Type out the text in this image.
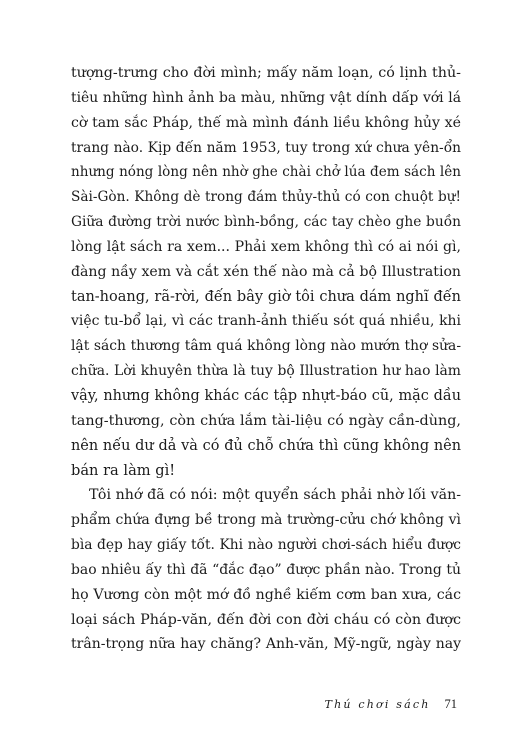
tượng-trưng cho đời mình; mấy năm loạn, có lịnh thủ-
tiêu những hình ảnh ba màu, những vật dính dấp với lá
cờ tam sắc Pháp, thế mà mình đánh liều không hủy xé
trang nào. Kịp đến năm 1953, tuy trong xứ chưa yên-ổn
nhưng nóng lòng nên nhờ ghe chài chở lúa đem sách lên
Sài-Gòn. Không dè trong đám thủy-thủ có con chuột bự!
Giữa đường trời nước bình-bồng, các tay chèo ghe buồn
lòng lật sách ra xem... Phải xem không thì có ai nói gì,
đàng nầy xem và cắt xén thế nào mà cả bộ Illustration
tan-hoang, rã-rời, đến bây giờ tôi chưa dám nghĩ đến
việc tu-bổ lại, vì các tranh-ảnh thiếu sót quá nhiều, khi
lật sách thương tâm quá không lòng nào mướn thợ sửa-
chữa. Lời khuyên thừa là tuy bộ Illustration hư hao làm
vậy, nhưng không khác các tập nhựt-báo cũ, mặc dầu
tang-thương, còn chứa lắm tài-liệu có ngày cần-dùng,
nên nếu dư dả và có đủ chỗ chứa thì cũng không nên
bán ra làm gì!
Tôi nhớ đã có nói: một quyển sách phải nhờ lối văn-
phẩm chứa đựng bề trong mà trường-cửu chớ không vì
bìa đẹp hay giấy tốt. Khi nào người chơi-sách hiểu được
bao nhiêu ấy thì đã “đắc đạo” được phần nào. Trong tủ
họ Vương còn một mớ đồ nghề kiếm cơm ban xưa, các
loại sách Pháp-văn, đến đời con đời cháu có còn được
trân-trọng nữa hay chăng? Anh-văn, Mỹ-ngữ, ngày nay
Thú chơi sách 71
